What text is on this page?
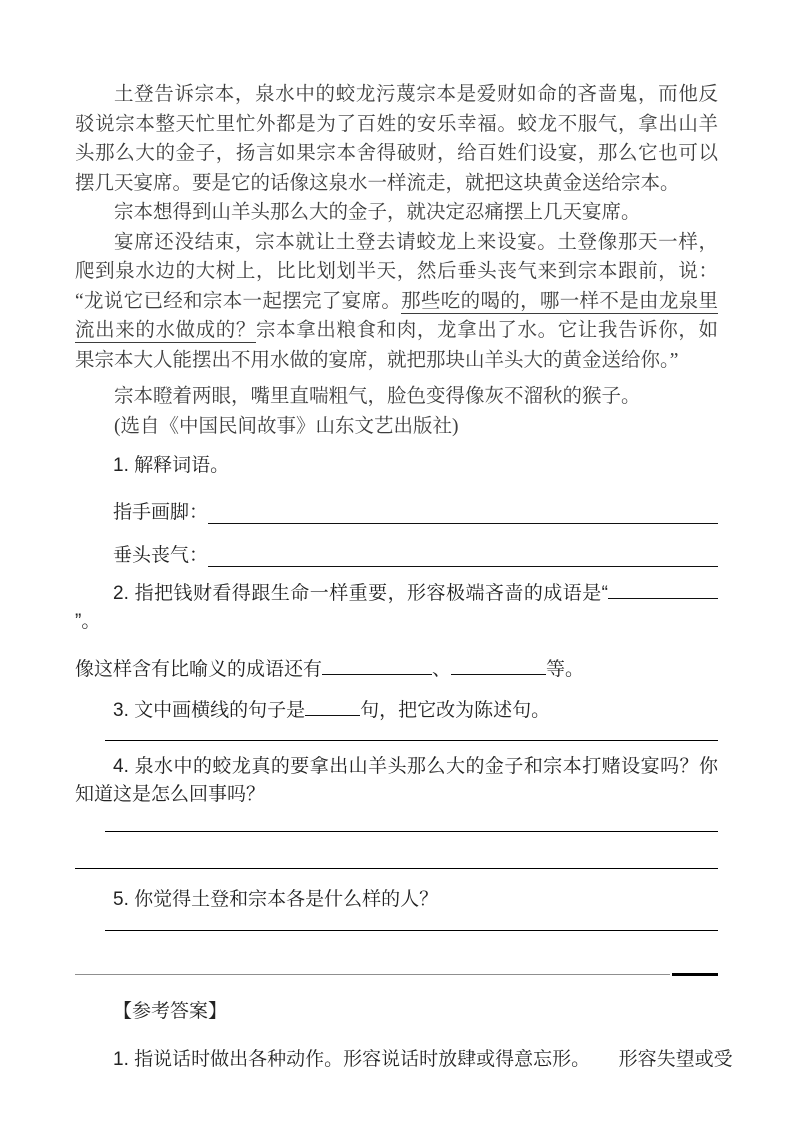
土登告诉宗本，泉水中的蛟龙污蔑宗本是爱财如命的吝啬鬼，而他反驳说宗本整天忙里忙外都是为了百姓的安乐幸福。蛟龙不服气，拿出山羊头那么大的金子，扬言如果宗本舍得破财，给百姓们设宴，那么它也可以摆几天宴席。要是它的话像这泉水一样流走，就把这块黄金送给宗本。

宗本想得到山羊头那么大的金子，就决定忍痛摆上几天宴席。

宴席还没结束，宗本就让土登去请蛟龙上来设宴。土登像那天一样，爬到泉水边的大树上，比比划划半天，然后垂头丧气来到宗本跟前，说：“龙说它已经和宗本一起摆完了宴席。那些吃的喝的，哪一样不是由龙泉里流出来的水做成的？宗本拿出粮食和肉，龙拿出了水。它让我告诉你，如果宗本大人能摆出不用水做的宴席，就把那块山羊头大的黄金送给你。”

宗本瞪着两眼，嘴里直喘粗气，脸色变得像灰不溜秋的猴子。

(选自《中国民间故事》山东文艺出版社)

1. 解释词语。

指手画脚：
垂头丧气：

2. 指把钱财看得跟生命一样重要，形容极端吝啬的成语是“”。

像这样含有比喻义的成语还有	、	等。

3. 文中画横线的句子是	句，把它改为陈述句。

4. 泉水中的蛟龙真的要拿出山羊头那么大的金子和宗本打赌设宴吗？你知道这是怎么回事吗？

5. 你觉得土登和宗本各是什么样的人？

【参考答案】

1. 指说话时做出各种动作。形容说话时放肆或得意忘形。　　形容失望或受
